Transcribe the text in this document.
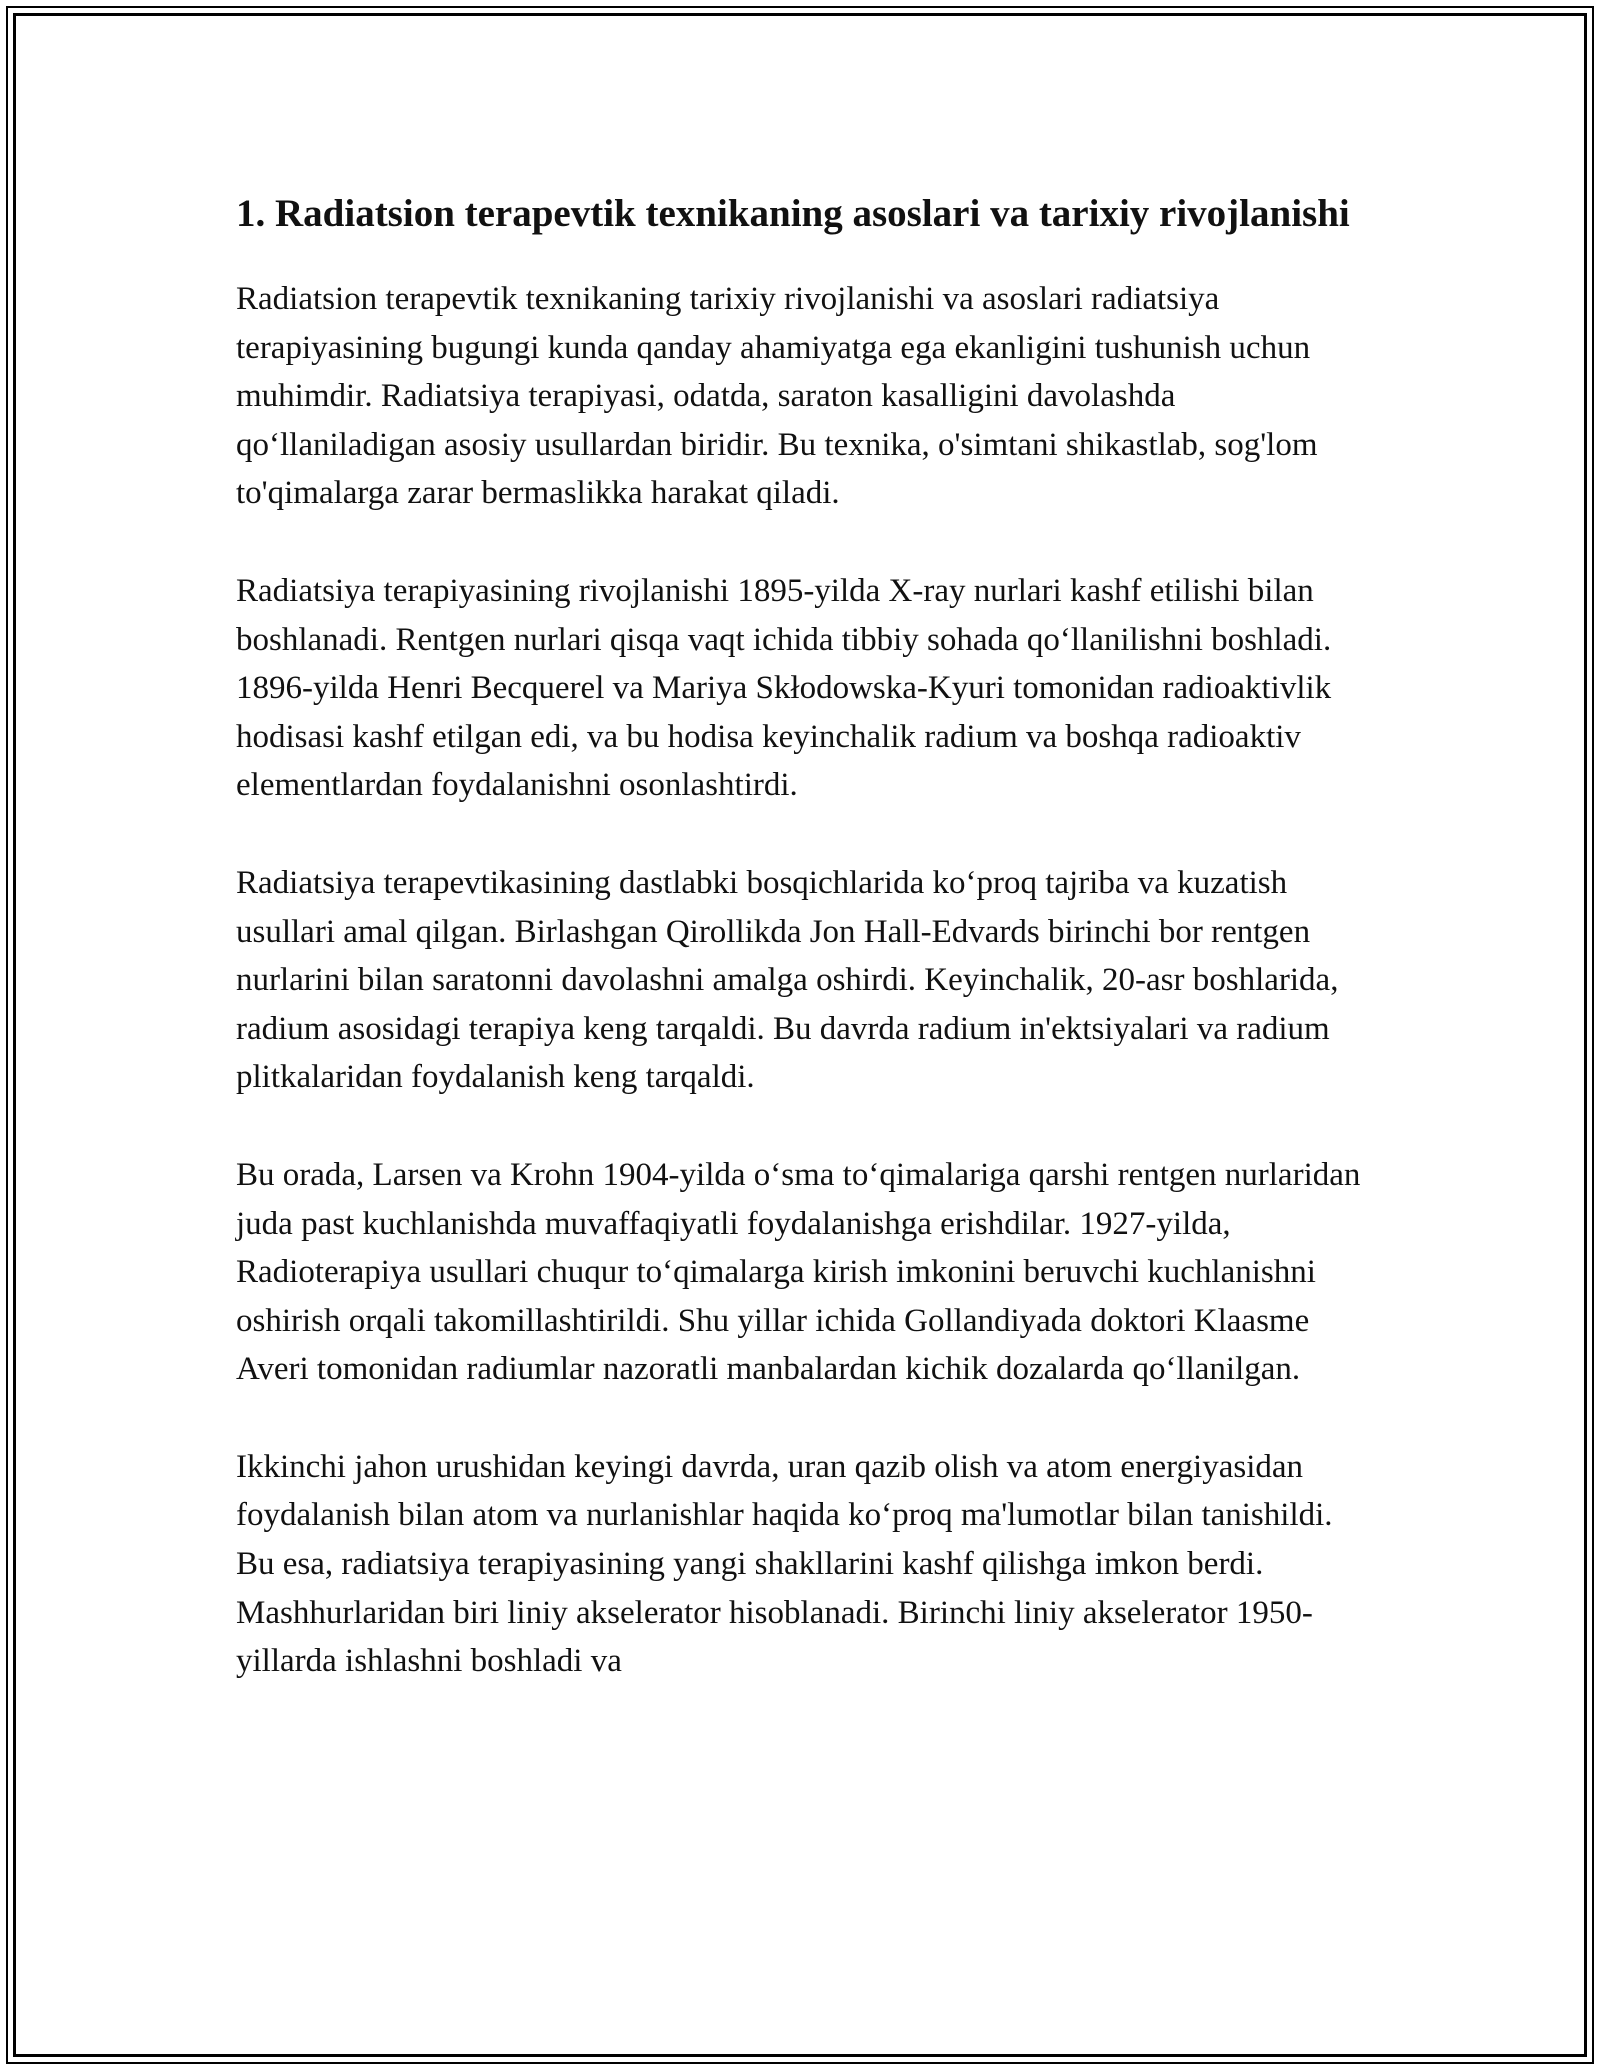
1. Radiatsion terapevtik texnikaning asoslari va tarixiy rivojlanishi

Radiatsion terapevtik texnikaning tarixiy rivojlanishi va asoslari radiatsiya terapiyasining bugungi kunda qanday ahamiyatga ega ekanligini tushunish uchun muhimdir. Radiatsiya terapiyasi, odatda, saraton kasalligini davolashda qo‘llaniladigan asosiy usullardan biridir. Bu texnika, o'simtani shikastlab, sog'lom to'qimalarga zarar bermaslikka harakat qiladi.

Radiatsiya terapiyasining rivojlanishi 1895-yilda X-ray nurlari kashf etilishi bilan boshlanadi. Rentgen nurlari qisqa vaqt ichida tibbiy sohada qo‘llanilishni boshladi. 1896-yilda Henri Becquerel va Mariya Skłodowska-Kyuri tomonidan radioaktivlik hodisasi kashf etilgan edi, va bu hodisa keyinchalik radium va boshqa radioaktiv elementlardan foydalanishni osonlashtirdi.

Radiatsiya terapevtikasining dastlabki bosqichlarida ko‘proq tajriba va kuzatish usullari amal qilgan. Birlashgan Qirollikda Jon Hall-Edvards birinchi bor rentgen nurlarini bilan saratonni davolashni amalga oshirdi. Keyinchalik, 20-asr boshlarida, radium asosidagi terapiya keng tarqaldi. Bu davrda radium in'ektsiyalari va radium plitkalaridan foydalanish keng tarqaldi.

Bu orada, Larsen va Krohn 1904-yilda o‘sma to‘qimalariga qarshi rentgen nurlaridan juda past kuchlanishda muvaffaqiyatli foydalanishga erishdilar. 1927-yilda, Radioterapiya usullari chuqur to‘qimalarga kirish imkonini beruvchi kuchlanishni oshirish orqali takomillashtirildi. Shu yillar ichida Gollandiyada doktori Klaasme Averi tomonidan radiumlar nazoratli manbalardan kichik dozalarda qo‘llanilgan.

Ikkinchi jahon urushidan keyingi davrda, uran qazib olish va atom energiyasidan foydalanish bilan atom va nurlanishlar haqida ko‘proq ma'lumotlar bilan tanishildi. Bu esa, radiatsiya terapiyasining yangi shakllarini kashf qilishga imkon berdi. Mashhurlaridan biri liniy akselerator hisoblanadi. Birinchi liniy akselerator 1950-yillarda ishlashni boshladi va
